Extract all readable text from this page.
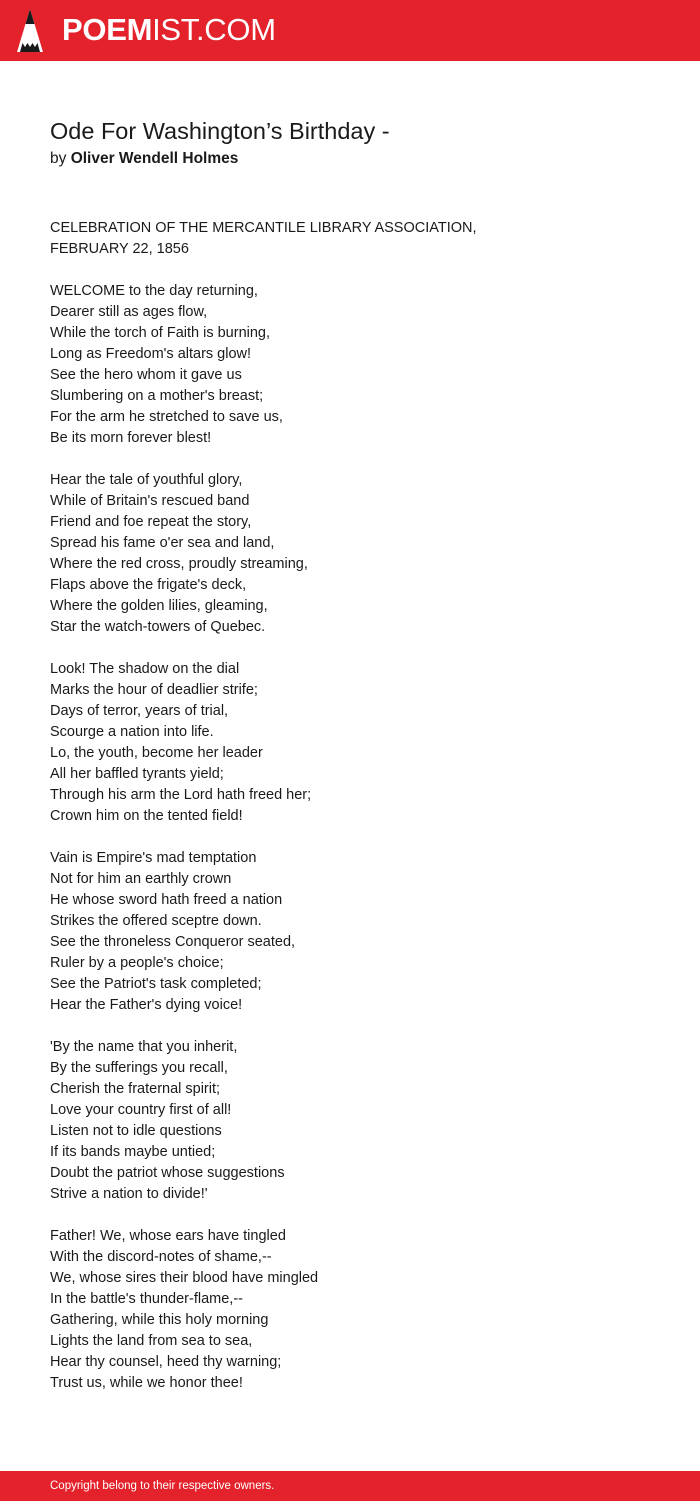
POEMIST.COM
Ode For Washington’s Birthday -
by Oliver Wendell Holmes
CELEBRATION OF THE MERCANTILE LIBRARY ASSOCIATION,
FEBRUARY 22, 1856
WELCOME to the day returning,
Dearer still as ages flow,
While the torch of Faith is burning,
Long as Freedom's altars glow!
See the hero whom it gave us
Slumbering on a mother's breast;
For the arm he stretched to save us,
Be its morn forever blest!
Hear the tale of youthful glory,
While of Britain's rescued band
Friend and foe repeat the story,
Spread his fame o'er sea and land,
Where the red cross, proudly streaming,
Flaps above the frigate's deck,
Where the golden lilies, gleaming,
Star the watch-towers of Quebec.
Look! The shadow on the dial
Marks the hour of deadlier strife;
Days of terror, years of trial,
Scourge a nation into life.
Lo, the youth, become her leader
All her baffled tyrants yield;
Through his arm the Lord hath freed her;
Crown him on the tented field!
Vain is Empire's mad temptation
Not for him an earthly crown
He whose sword hath freed a nation
Strikes the offered sceptre down.
See the throneless Conqueror seated,
Ruler by a people's choice;
See the Patriot's task completed;
Hear the Father's dying voice!
'By the name that you inherit,
By the sufferings you recall,
Cherish the fraternal spirit;
Love your country first of all!
Listen not to idle questions
If its bands maybe untied;
Doubt the patriot whose suggestions
Strive a nation to divide!'
Father! We, whose ears have tingled
With the discord-notes of shame,--
We, whose sires their blood have mingled
In the battle's thunder-flame,--
Gathering, while this holy morning
Lights the land from sea to sea,
Hear thy counsel, heed thy warning;
Trust us, while we honor thee!
Copyright belong to their respective owners.
